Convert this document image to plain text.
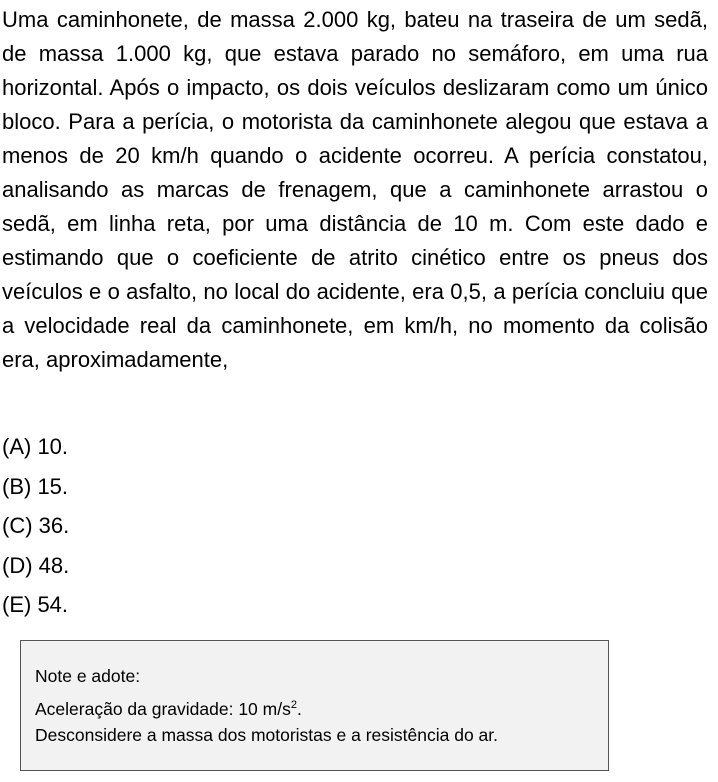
Uma caminhonete, de massa 2.000 kg, bateu na traseira de um sedã, de massa 1.000 kg, que estava parado no semáforo, em uma rua horizontal. Após o impacto, os dois veículos deslizaram como um único bloco. Para a perícia, o motorista da caminhonete alegou que estava a menos de 20 km/h quando o acidente ocorreu. A perícia constatou, analisando as marcas de frenagem, que a caminhonete arrastou o sedã, em linha reta, por uma distância de 10 m. Com este dado e estimando que o coeficiente de atrito cinético entre os pneus dos veículos e o asfalto, no local do acidente, era 0,5, a perícia concluiu que a velocidade real da caminhonete, em km/h, no momento da colisão era, aproximadamente,

(A) 10.
(B) 15.
(C) 36.
(D) 48.
(E) 54.

Note e adote:

Aceleração da gravidade: 10 $m/s^2$.

Desconsidere a massa dos motoristas e a resistência do ar.
